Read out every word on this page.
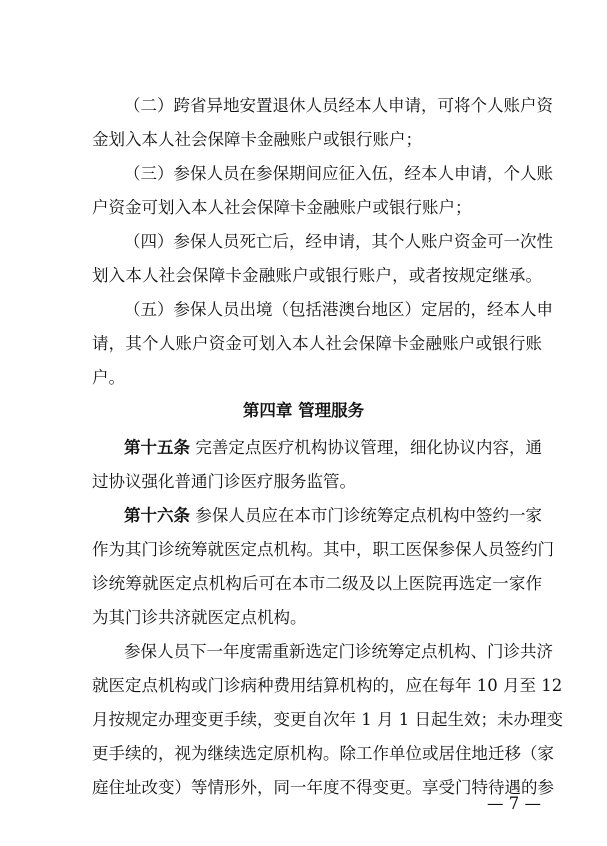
（二）跨省异地安置退休人员经本人申请，可将个人账户资
金划入本人社会保障卡金融账户或银行账户；
（三）参保人员在参保期间应征入伍，经本人申请，个人账
户资金可划入本人社会保障卡金融账户或银行账户；
（四）参保人员死亡后，经申请，其个人账户资金可一次性
划入本人社会保障卡金融账户或银行账户，或者按规定继承。
（五）参保人员出境（包括港澳台地区）定居的，经本人申
请，其个人账户资金可划入本人社会保障卡金融账户或银行账
户。
第四章 管理服务
第十五条 完善定点医疗机构协议管理，细化协议内容，通
过协议强化普通门诊医疗服务监管。
第十六条 参保人员应在本市门诊统筹定点机构中签约一家
作为其门诊统筹就医定点机构。其中，职工医保参保人员签约门
诊统筹就医定点机构后可在本市二级及以上医院再选定一家作
为其门诊共济就医定点机构。
参保人员下一年度需重新选定门诊统筹定点机构、门诊共济
就医定点机构或门诊病种费用结算机构的，应在每年 10 月至 12
月按规定办理变更手续，变更自次年 1 月 1 日起生效；未办理变
更手续的，视为继续选定原机构。除工作单位或居住地迁移（家
庭住址改变）等情形外，同一年度不得变更。享受门特待遇的参
— 7 —
